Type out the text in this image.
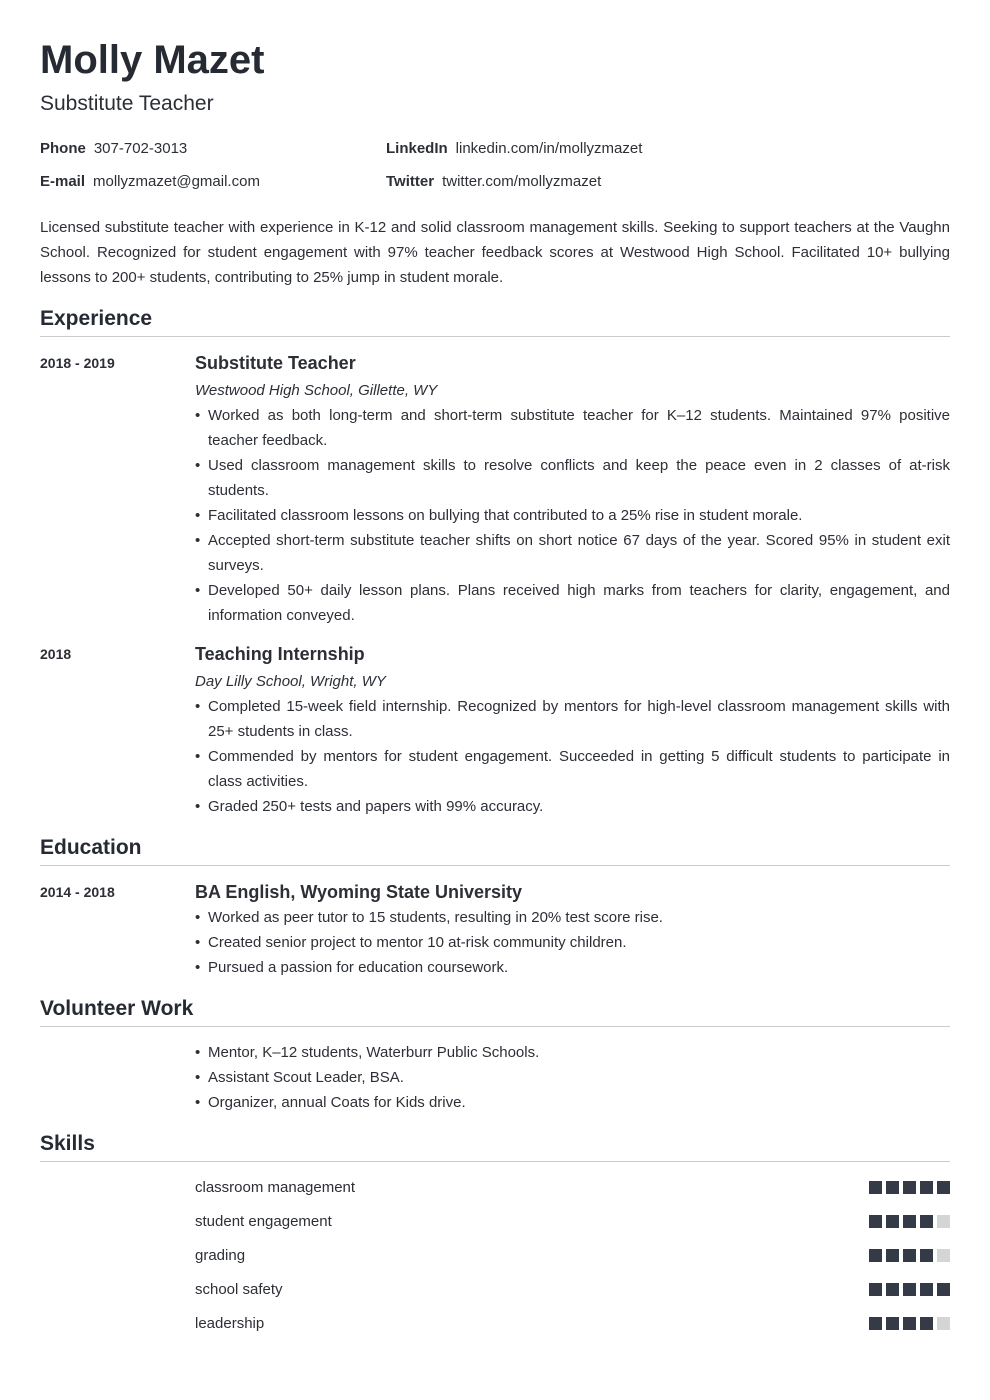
Molly Mazet
Substitute Teacher
Phone 307-702-3013	LinkedIn linkedin.com/in/mollyzmazet
E-mail mollyzmazet@gmail.com	Twitter twitter.com/mollyzmazet
Licensed substitute teacher with experience in K-12 and solid classroom management skills. Seeking to support teachers at the Vaughn School. Recognized for student engagement with 97% teacher feedback scores at Westwood High School. Facilitated 10+ bullying lessons to 200+ students, contributing to 25% jump in student morale.
Experience
2018 - 2019	Substitute Teacher
Westwood High School, Gillette, WY
• Worked as both long-term and short-term substitute teacher for K–12 students. Maintained 97% positive teacher feedback.
• Used classroom management skills to resolve conflicts and keep the peace even in 2 classes of at-risk students.
• Facilitated classroom lessons on bullying that contributed to a 25% rise in student morale.
• Accepted short-term substitute teacher shifts on short notice 67 days of the year. Scored 95% in student exit surveys.
• Developed 50+ daily lesson plans. Plans received high marks from teachers for clarity, engagement, and information conveyed.
2018	Teaching Internship
Day Lilly School, Wright, WY
• Completed 15-week field internship. Recognized by mentors for high-level classroom management skills with 25+ students in class.
• Commended by mentors for student engagement. Succeeded in getting 5 difficult students to participate in class activities.
• Graded 250+ tests and papers with 99% accuracy.
Education
2014 - 2018	BA English, Wyoming State University
• Worked as peer tutor to 15 students, resulting in 20% test score rise.
• Created senior project to mentor 10 at-risk community children.
• Pursued a passion for education coursework.
Volunteer Work
• Mentor, K–12 students, Waterburr Public Schools.
• Assistant Scout Leader, BSA.
• Organizer, annual Coats for Kids drive.
Skills
classroom management
student engagement
grading
school safety
leadership
